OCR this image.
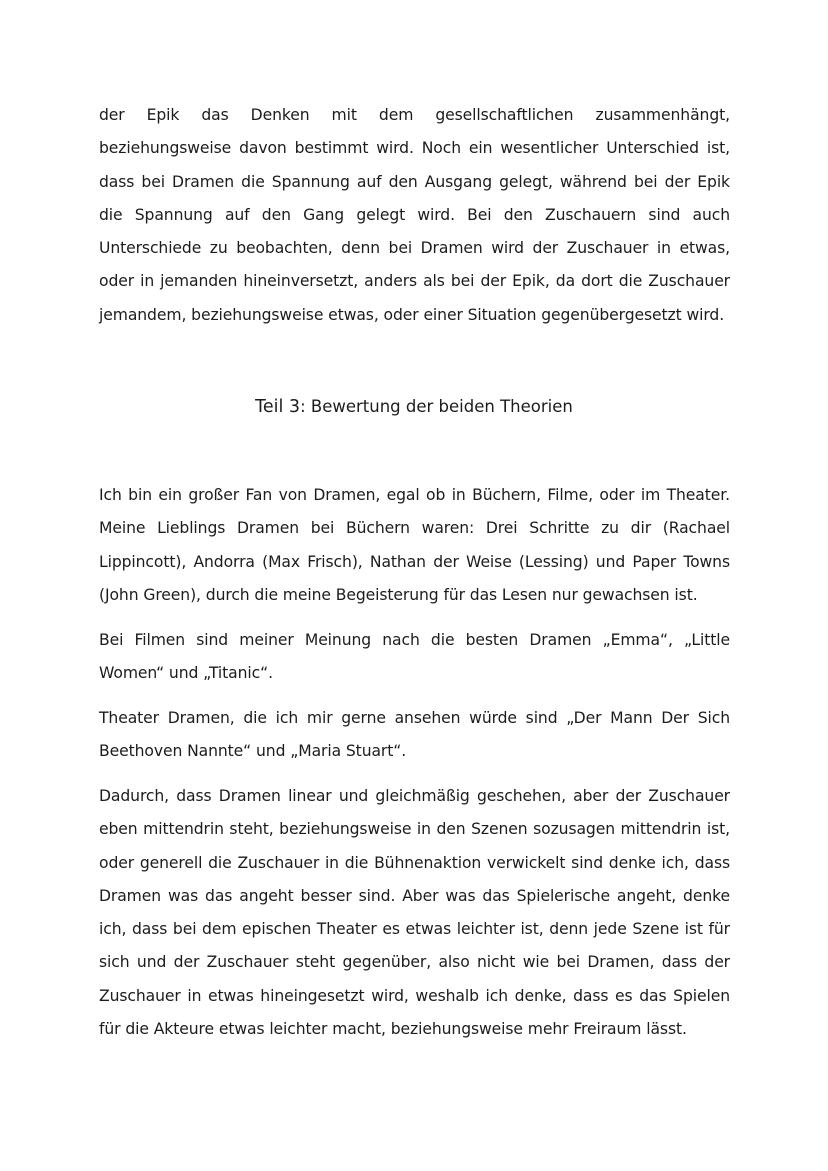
der Epik das Denken mit dem gesellschaftlichen zusammenhängt, beziehungsweise davon bestimmt wird. Noch ein wesentlicher Unterschied ist, dass bei Dramen die Spannung auf den Ausgang gelegt, während bei der Epik die Spannung auf den Gang gelegt wird. Bei den Zuschauern sind auch Unterschiede zu beobachten, denn bei Dramen wird der Zuschauer in etwas, oder in jemanden hineinversetzt, anders als bei der Epik, da dort die Zuschauer jemandem, beziehungsweise etwas, oder einer Situation gegenübergesetzt wird.

Teil 3: Bewertung der beiden Theorien

Ich bin ein großer Fan von Dramen, egal ob in Büchern, Filme, oder im Theater. Meine Lieblings Dramen bei Büchern waren: Drei Schritte zu dir (Rachael Lippincott), Andorra (Max Frisch), Nathan der Weise (Lessing) und Paper Towns (John Green), durch die meine Begeisterung für das Lesen nur gewachsen ist.

Bei Filmen sind meiner Meinung nach die besten Dramen „Emma“, „Little Women“ und „Titanic“.

Theater Dramen, die ich mir gerne ansehen würde sind „Der Mann Der Sich Beethoven Nannte“ und „Maria Stuart“.

Dadurch, dass Dramen linear und gleichmäßig geschehen, aber der Zuschauer eben mittendrin steht, beziehungsweise in den Szenen sozusagen mittendrin ist, oder generell die Zuschauer in die Bühnenaktion verwickelt sind denke ich, dass Dramen was das angeht besser sind. Aber was das Spielerische angeht, denke ich, dass bei dem epischen Theater es etwas leichter ist, denn jede Szene ist für sich und der Zuschauer steht gegenüber, also nicht wie bei Dramen, dass der Zuschauer in etwas hineingesetzt wird, weshalb ich denke, dass es das Spielen für die Akteure etwas leichter macht, beziehungsweise mehr Freiraum lässt.
